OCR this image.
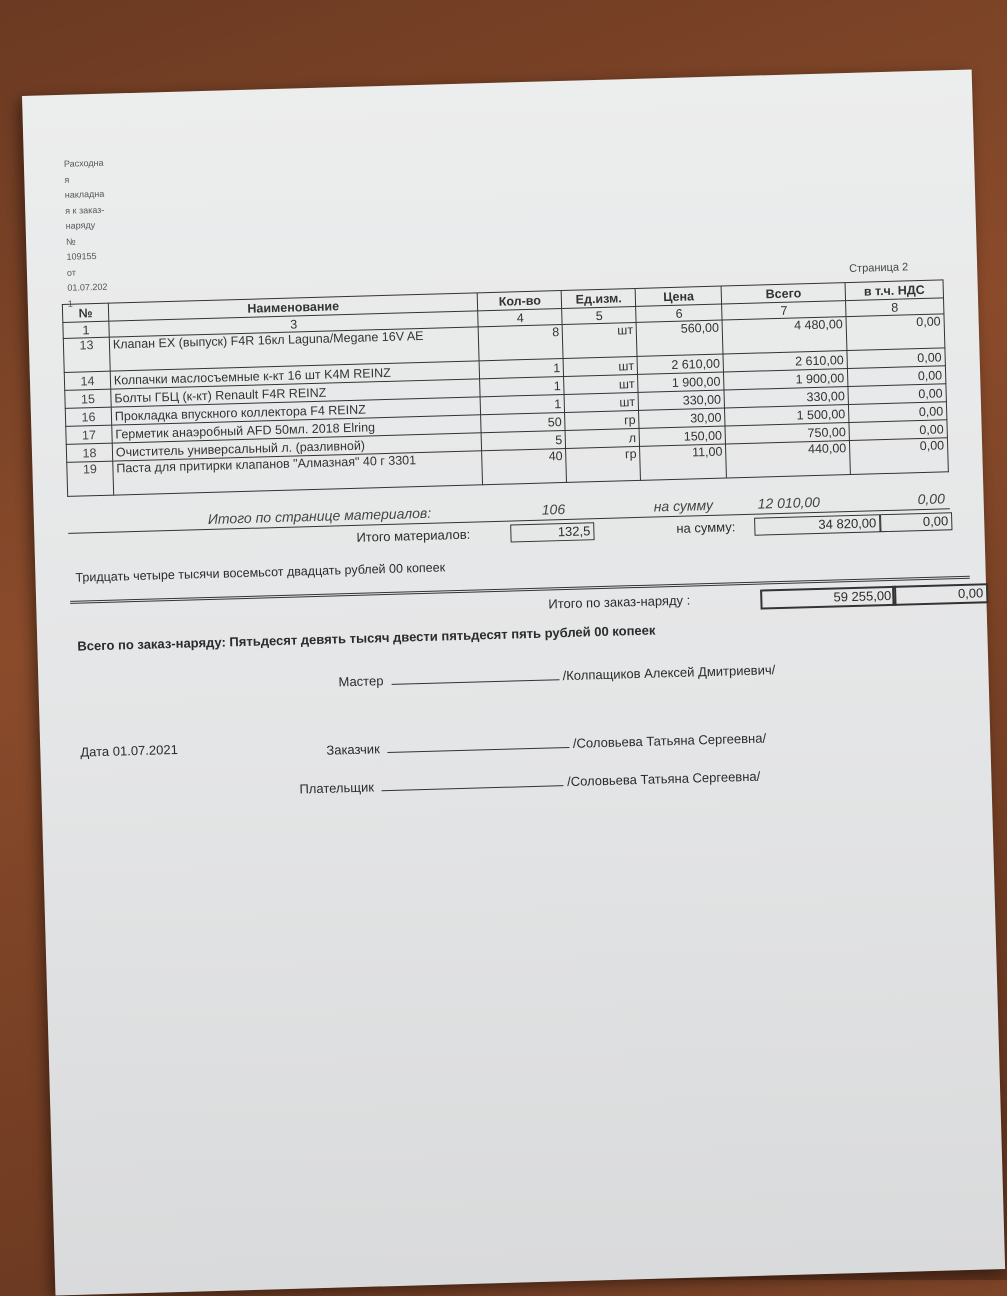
Расходна
я
накладна
я к заказ-
наряду
№
109155
от
01.07.202
1
Страница 2
№	Наименование	Кол-во	Ед.изм.	Цена	Всего	в т.ч. НДС
1	3	4	5	6	7	8
13	Клапан EX (выпуск) F4R 16кл Laguna/Megane 16V AE	8	шт	560,00	4 480,00	0,00
14	Колпачки маслосъемные к-кт 16 шт K4M REINZ	1	шт	2 610,00	2 610,00	0,00
15	Болты ГБЦ (к-кт) Renault F4R REINZ	1	шт	1 900,00	1 900,00	0,00
16	Прокладка впускного коллектора F4 REINZ	1	шт	330,00	330,00	0,00
17	Герметик анаэробный AFD 50мл. 2018 Elring	50	гр	30,00	1 500,00	0,00
18	Очиститель универсальный л. (разливной)	5	л	150,00	750,00	0,00
19	Паста для притирки клапанов "Алмазная" 40 г 3301	40	гр	11,00	440,00	0,00
Итого по странице материалов:	106	на сумму	12 010,00	0,00
Итого материалов:	132,5	на сумму:	34 820,00	0,00
Тридцать четыре тысячи восемьсот двадцать рублей 00 копеек
Итого по заказ-наряду :	59 255,00	0,00
Всего по заказ-наряду: Пятьдесят девять тысяч двести пятьдесят пять рублей 00 копеек
Мастер	/Колпащиков Алексей Дмитриевич/
Дата 01.07.2021	Заказчик	/Соловьева Татьяна Сергеевна/
Плательщик	/Соловьева Татьяна Сергеевна/
